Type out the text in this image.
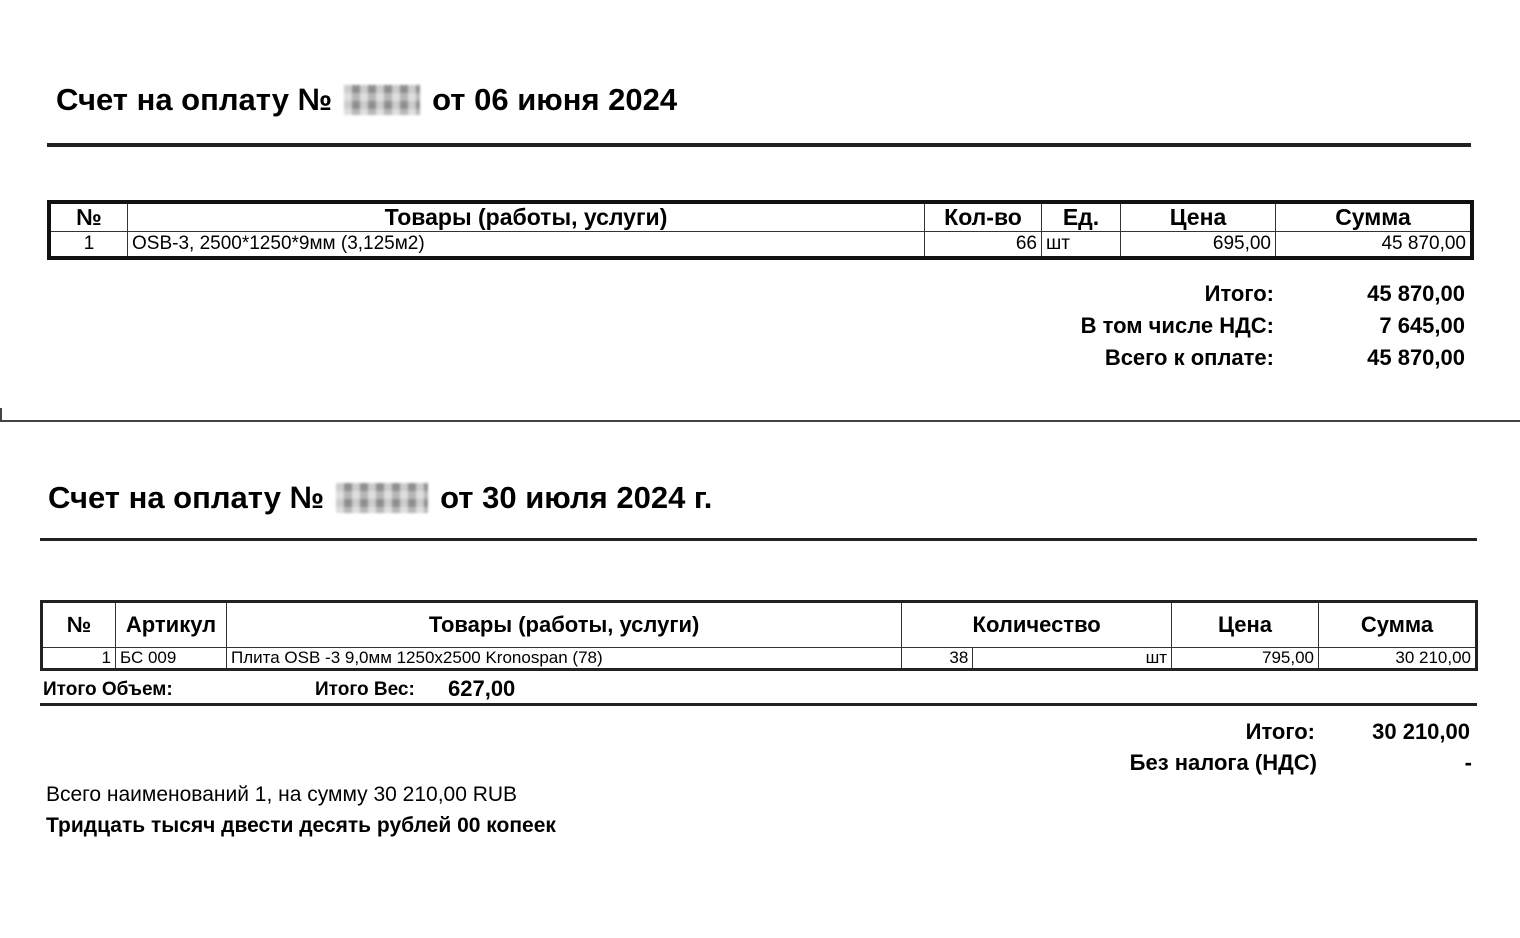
Счет на оплату №	от 06 июня 2024
№	Товары (работы, услуги)	Кол-во	Ед.	Цена	Сумма
1	OSB-3, 2500*1250*9мм (3,125м2)	66	шт	695,00	45 870,00
Итого:	45 870,00
В том числе НДС:	7 645,00
Всего к оплате:	45 870,00
Счет на оплату №	от 30 июля 2024 г.
№	Артикул	Товары (работы, услуги)	Количество		Цена	Сумма
1	БС 009	Плита OSB -3 9,0мм 1250х2500 Kronospan (78)	38	шт	795,00	30 210,00
Итого Объем:	Итого Вес: 627,00
Итого:	30 210,00
Без налога (НДС)	-
Всего наименований 1, на сумму 30 210,00 RUB
Тридцать тысяч двести десять рублей 00 копеек
